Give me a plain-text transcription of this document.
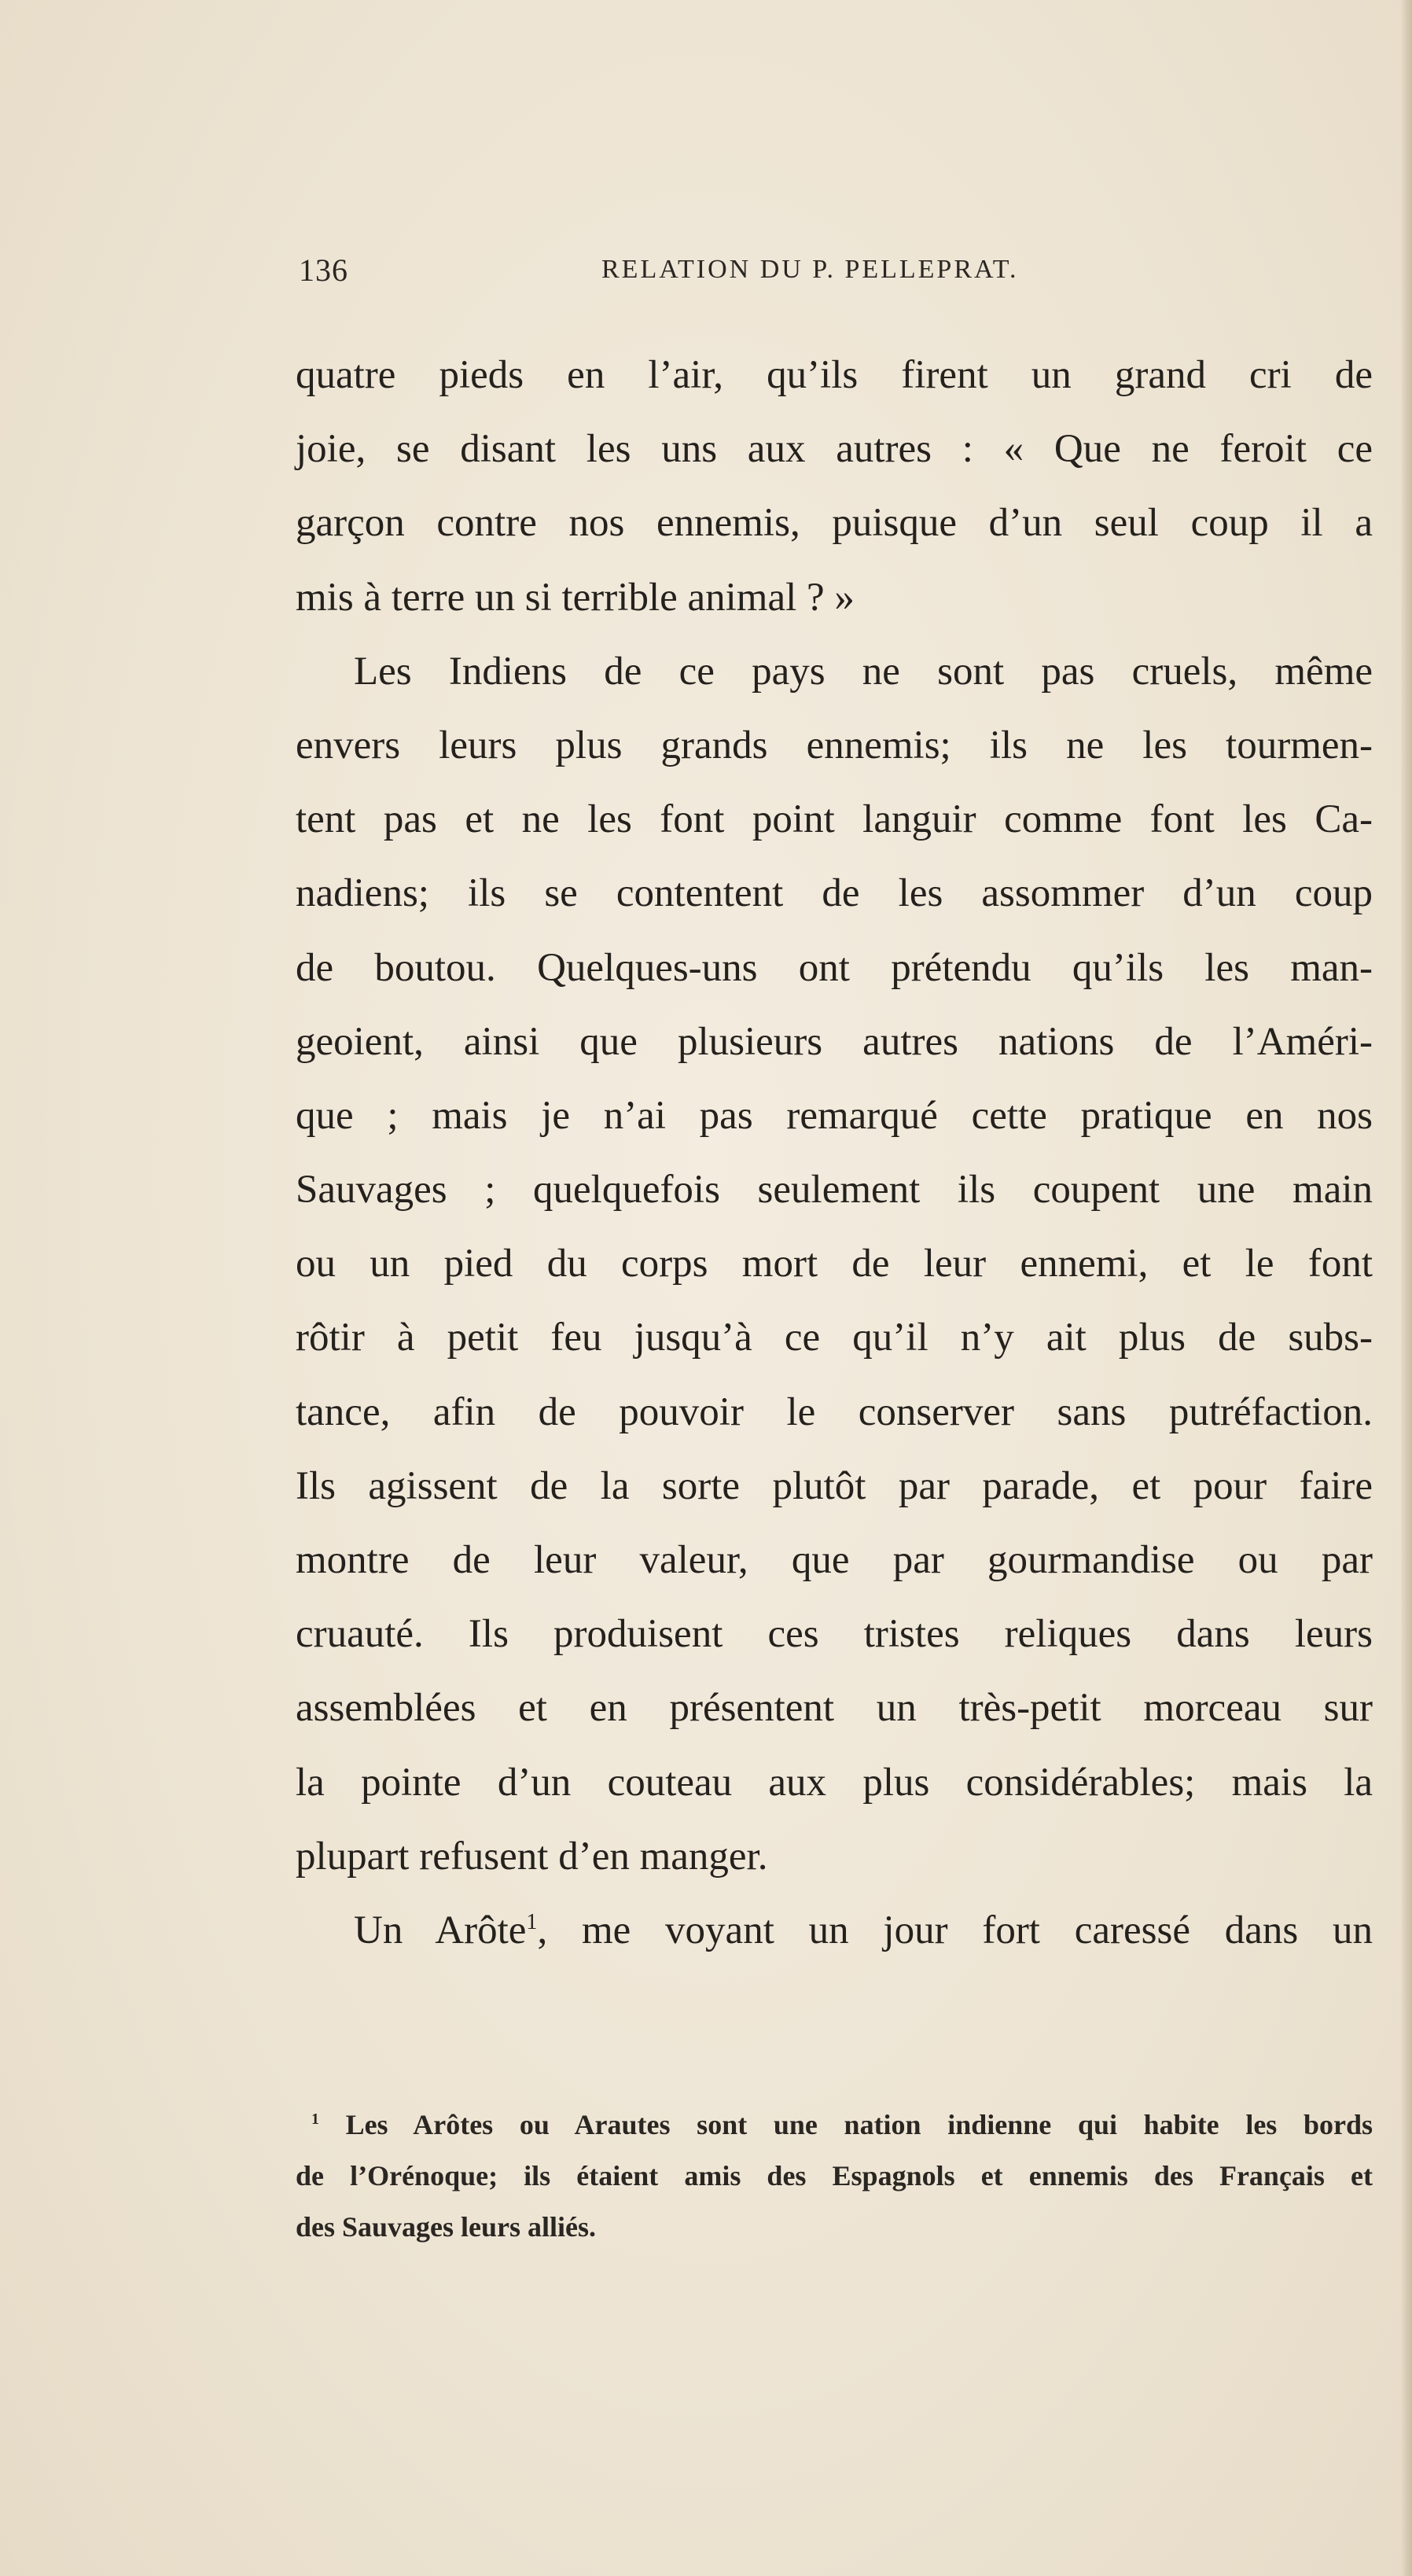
136	RELATION DU P. PELLEPRAT.
quatre pieds en l’air, qu’ils firent un grand cri de
joie, se disant les uns aux autres : « Que ne feroit ce
garçon contre nos ennemis, puisque d’un seul coup il a
mis à terre un si terrible animal ? »
Les Indiens de ce pays ne sont pas cruels, même
envers leurs plus grands ennemis; ils ne les tourmen-
tent pas et ne les font point languir comme font les Ca-
nadiens; ils se contentent de les assommer d’un coup
de boutou. Quelques-uns ont prétendu qu’ils les man-
geoient, ainsi que plusieurs autres nations de l’Améri-
que ; mais je n’ai pas remarqué cette pratique en nos
Sauvages ; quelquefois seulement ils coupent une main
ou un pied du corps mort de leur ennemi, et le font
rôtir à petit feu jusqu’à ce qu’il n’y ait plus de subs-
tance, afin de pouvoir le conserver sans putréfaction.
Ils agissent de la sorte plutôt par parade, et pour faire
montre de leur valeur, que par gourmandise ou par
cruauté. Ils produisent ces tristes reliques dans leurs
assemblées et en présentent un très-petit morceau sur
la pointe d’un couteau aux plus considérables; mais la
plupart refusent d’en manger.
Un Arôte$^1$, me voyant un jour fort caressé dans un
$^1$ Les Arôtes ou Arautes sont une nation indienne qui habite les bords
de l’Orénoque; ils étaient amis des Espagnols et ennemis des Français et
des Sauvages leurs alliés.
